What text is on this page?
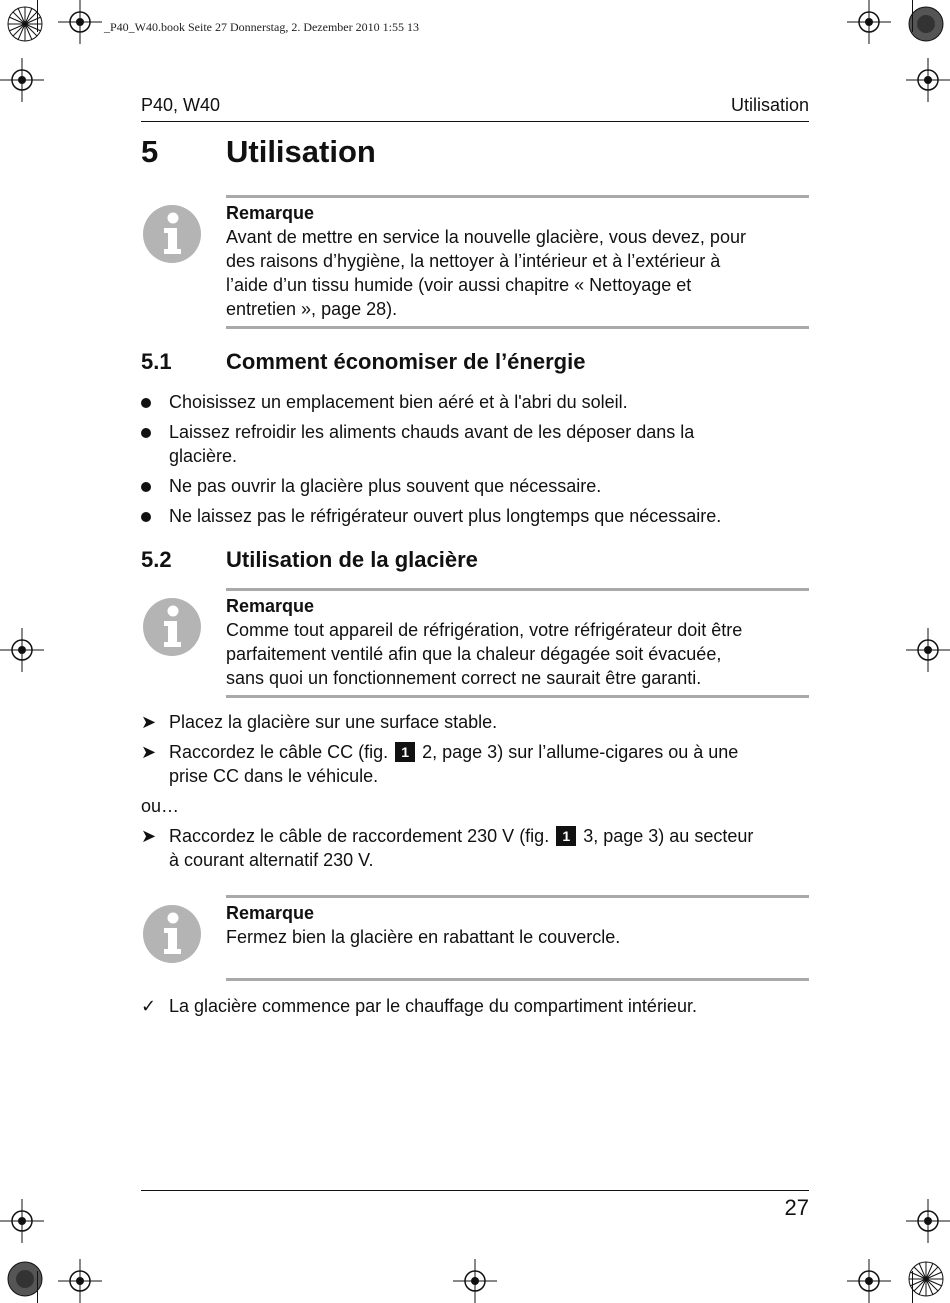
_P40_W40.book Seite 27 Donnerstag, 2. Dezember 2010 1:55 13
P40, W40	Utilisation
5 Utilisation
Remarque
Avant de mettre en service la nouvelle glacière, vous devez, pour
des raisons d’hygiène, la nettoyer à l’intérieur et à l’extérieur à
l’aide d’un tissu humide (voir aussi chapitre « Nettoyage et
entretien », page 28).
5.1 Comment économiser de l’énergie
Choisissez un emplacement bien aéré et à l'abri du soleil.
Laissez refroidir les aliments chauds avant de les déposer dans la
glacière.
Ne pas ouvrir la glacière plus souvent que nécessaire.
Ne laissez pas le réfrigérateur ouvert plus longtemps que nécessaire.
5.2 Utilisation de la glacière
Remarque
Comme tout appareil de réfrigération, votre réfrigérateur doit être
parfaitement ventilé afin que la chaleur dégagée soit évacuée,
sans quoi un fonctionnement correct ne saurait être garanti.
➤ Placez la glacière sur une surface stable.
➤ Raccordez le câble CC (fig. 1 2, page 3) sur l’allume-cigares ou à une
prise CC dans le véhicule.
ou…
➤ Raccordez le câble de raccordement 230 V (fig. 1 3, page 3) au secteur
à courant alternatif 230 V.
Remarque
Fermez bien la glacière en rabattant le couvercle.
✓ La glacière commence par le chauffage du compartiment intérieur.
27
